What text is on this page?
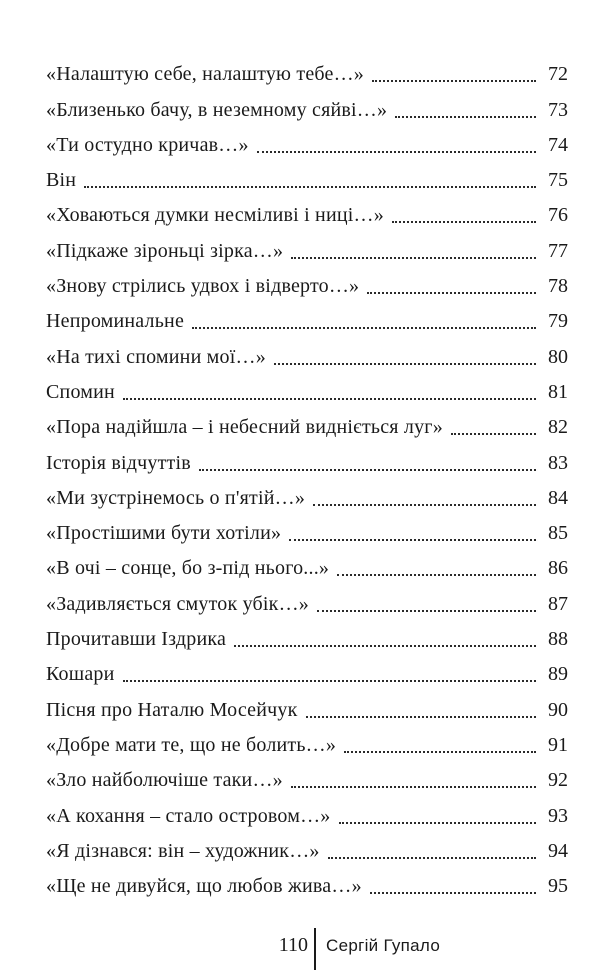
«Налаштую себе, налаштую тебе…»	72
«Близенько бачу, в неземному сяйві…»	73
«Ти остудно кричав…»	74
Він	75
«Ховаються думки несміливі і ниці…»	76
«Підкаже зіроньці зірка…»	77
«Знову стрілись удвох і відверто…»	78
Непроминальне	79
«На тихі спомини мої…»	80
Спомин	81
«Пора надійшла – і небесний видніється луг»	82
Історія відчуттів	83
«Ми зустрінемось о п'ятій…»	84
«Простішими бути хотіли»	85
«В очі – сонце, бо з-під нього...»	86
«Задивляється смуток убік…»	87
Прочитавши Іздрика	88
Кошари	89
Пісня про Наталю Мосейчук	90
«Добре мати те, що не болить…»	91
«Зло найболючіше таки…»	92
«А кохання – стало островом…»	93
«Я дізнався: він – художник…»	94
«Ще не дивуйся, що любов жива…»	95
110 Сергій Гупало
